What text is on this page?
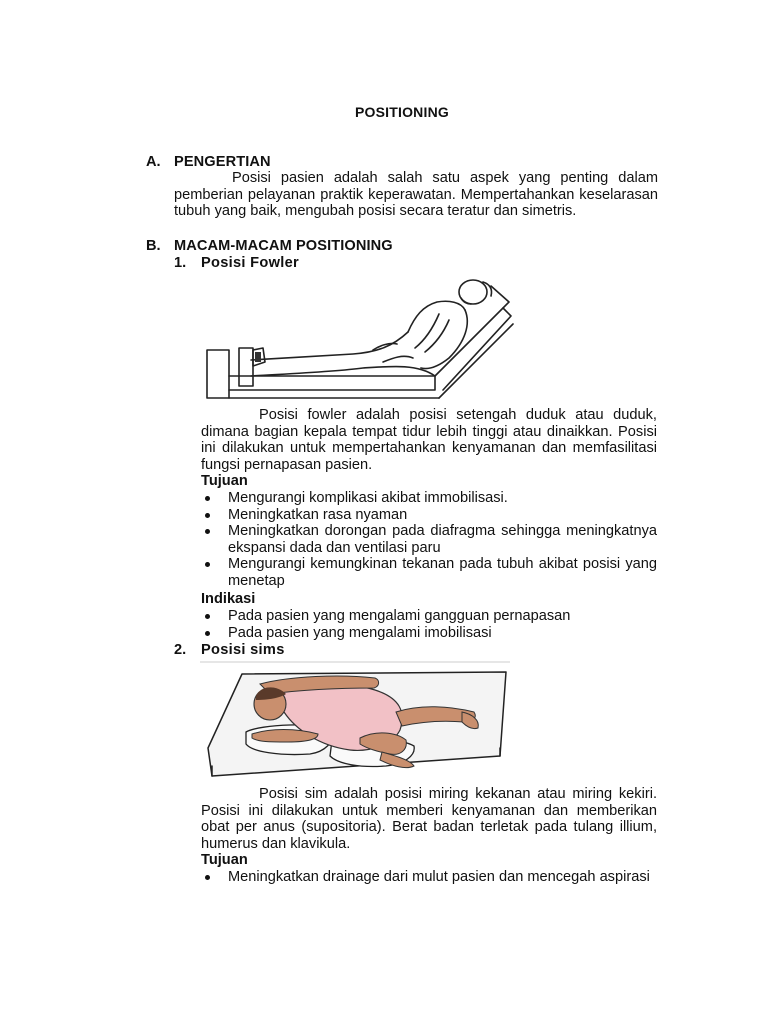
POSITIONING
A. PENGERTIAN
Posisi pasien adalah salah satu aspek yang penting dalam pemberian pelayanan praktik keperawatan. Mempertahankan keselarasan tubuh yang baik, mengubah posisi secara teratur dan simetris.
B. MACAM-MACAM POSITIONING
1. Posisi Fowler
Posisi fowler adalah posisi setengah duduk atau duduk, dimana bagian kepala tempat tidur lebih tinggi atau dinaikkan. Posisi ini dilakukan untuk mempertahankan kenyamanan dan memfasilitasi fungsi pernapasan pasien.
Tujuan
Mengurangi komplikasi akibat immobilisasi.
Meningkatkan rasa nyaman
Meningkatkan dorongan pada diafragma sehingga meningkatnya ekspansi dada dan ventilasi paru
Mengurangi kemungkinan tekanan pada tubuh akibat posisi yang menetap
Indikasi
Pada pasien yang mengalami gangguan pernapasan
Pada pasien yang mengalami imobilisasi
2. Posisi sims
Posisi sim adalah posisi miring kekanan atau miring kekiri. Posisi ini dilakukan untuk memberi kenyamanan dan memberikan obat per anus (supositoria). Berat badan terletak pada tulang illium, humerus dan klavikula.
Tujuan
Meningkatkan drainage dari mulut pasien dan mencegah aspirasi
